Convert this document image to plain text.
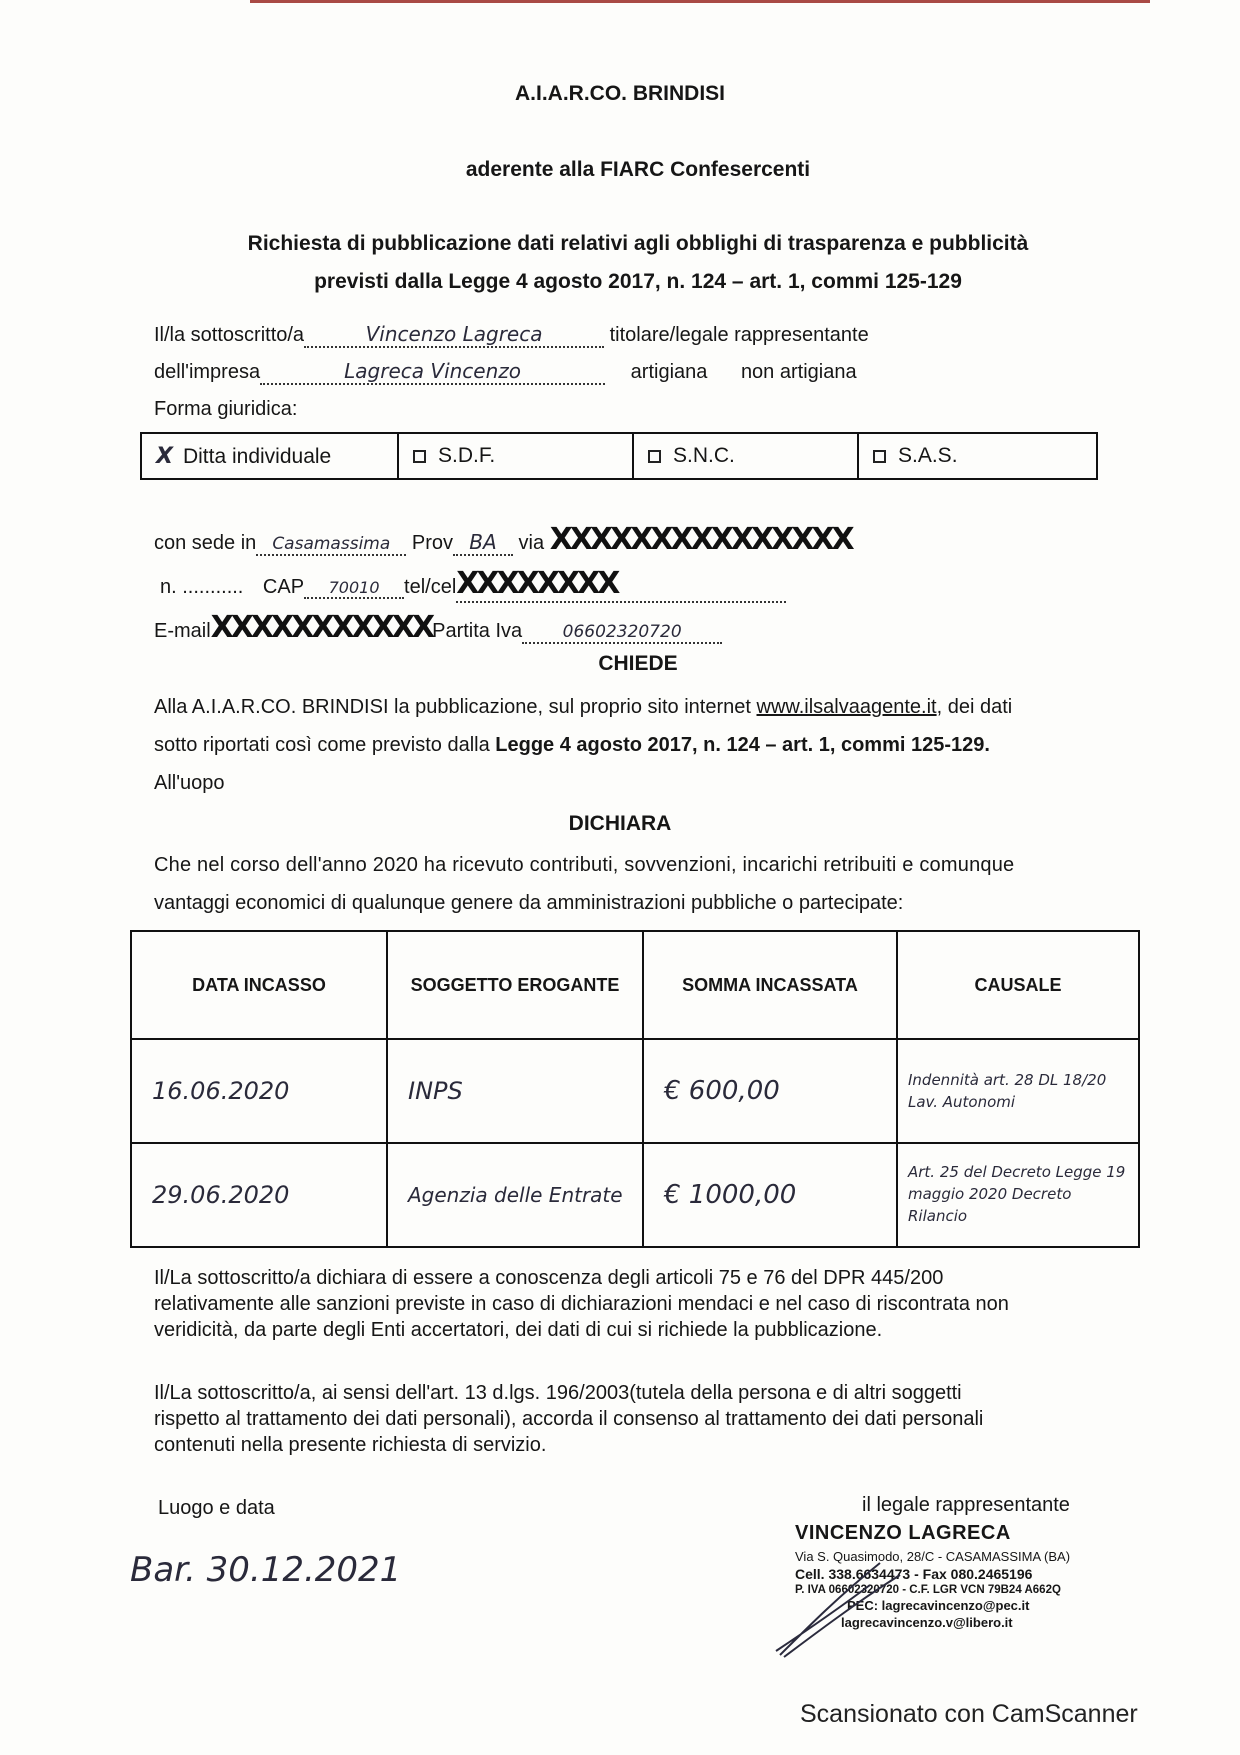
A.I.A.R.CO. BRINDISI
aderente alla FIARC Confesercenti
Richiesta di pubblicazione dati relativi agli obblighi di trasparenza e pubblicità
previsti dalla Legge 4 agosto 2017, n. 124 – art. 1, commi 125-129
Il/la sottoscritto/a	Vincenzo Lagreca	titolare/legale rappresentante
dell'impresa	Lagreca Vincenzo	artigiana non artigiana
Forma giuridica:
X Ditta individuale	S.D.F.	S.N.C.	S.A.S.
con sede in Casamassima Prov BA via XXXXXXXXXXXXXXX
n. ........... CAP 70010 tel/celXXXXXXXX
E-mailXXXXXXXXXXXPartita Iva 06602320720
CHIEDE
Alla A.I.A.R.CO. BRINDISI la pubblicazione, sul proprio sito internet www.ilsalvaagente.it, dei dati
sotto riportati così come previsto dalla Legge 4 agosto 2017, n. 124 – art. 1, commi 125-129.
All'uopo
DICHIARA
Che nel corso dell'anno 2020 ha ricevuto contributi, sovvenzioni, incarichi retribuiti e comunque
vantaggi economici di qualunque genere da amministrazioni pubbliche o partecipate:
DATA INCASSO	SOGGETTO EROGANTE	SOMMA INCASSATA	CAUSALE
16.06.2020	INPS	€ 600,00	Indennità art. 28 DL 18/20 Lav. Autonomi
29.06.2020	Agenzia delle Entrate	€ 1000,00	Art. 25 del Decreto Legge 19 maggio 2020 Decreto Rilancio
Il/La sottoscritto/a dichiara di essere a conoscenza degli articoli 75 e 76 del DPR 445/200
relativamente alle sanzioni previste in caso di dichiarazioni mendaci e nel caso di riscontrata non
veridicità, da parte degli Enti accertatori, dei dati di cui si richiede la pubblicazione.
Il/La sottoscritto/a, ai sensi dell'art. 13 d.lgs. 196/2003(tutela della persona e di altri soggetti
rispetto al trattamento dei dati personali), accorda il consenso al trattamento dei dati personali
contenuti nella presente richiesta di servizio.
Luogo e data
Bar. 30.12.2021
il legale rappresentante
VINCENZO LAGRECA
Via S. Quasimodo, 28/C - CASAMASSIMA (BA)
Cell. 338.6634473 - Fax 080.2465196
P. IVA 06602320720 - C.F. LGR VCN 79B24 A662Q
PEC: lagrecavincenzo@pec.it
lagrecavincenzo.v@libero.it
Scansionato con CamScanner
